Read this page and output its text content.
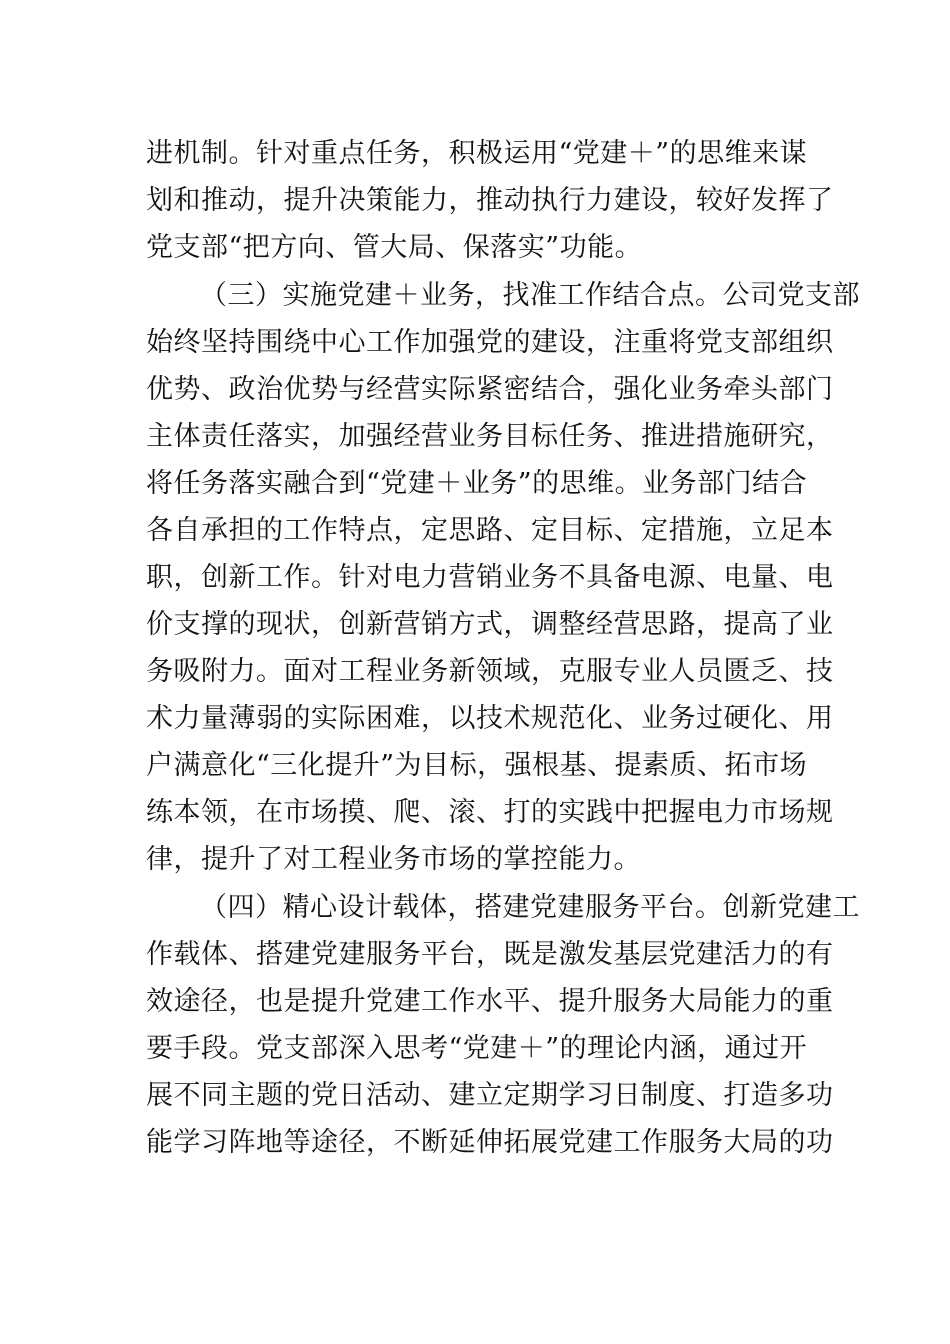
进机制。针对重点任务，积极运用“党建＋”的思维来谋
划和推动，提升决策能力，推动执行力建设，较好发挥了
党支部“把方向、管大局、保落实”功能。
（三）实施党建＋业务，找准工作结合点。公司党支部
始终坚持围绕中心工作加强党的建设，注重将党支部组织
优势、政治优势与经营实际紧密结合，强化业务牵头部门
主体责任落实，加强经营业务目标任务、推进措施研究，
将任务落实融合到“党建＋业务”的思维。业务部门结合
各自承担的工作特点，定思路、定目标、定措施，立足本
职，创新工作。针对电力营销业务不具备电源、电量、电
价支撑的现状，创新营销方式，调整经营思路，提高了业
务吸附力。面对工程业务新领域，克服专业人员匮乏、技
术力量薄弱的实际困难，以技术规范化、业务过硬化、用
户满意化“三化提升”为目标，强根基、提素质、拓市场
练本领，在市场摸、爬、滚、打的实践中把握电力市场规
律，提升了对工程业务市场的掌控能力。
（四）精心设计载体，搭建党建服务平台。创新党建工
作载体、搭建党建服务平台，既是激发基层党建活力的有
效途径，也是提升党建工作水平、提升服务大局能力的重
要手段。党支部深入思考“党建＋”的理论内涵，通过开
展不同主题的党日活动、建立定期学习日制度、打造多功
能学习阵地等途径，不断延伸拓展党建工作服务大局的功
